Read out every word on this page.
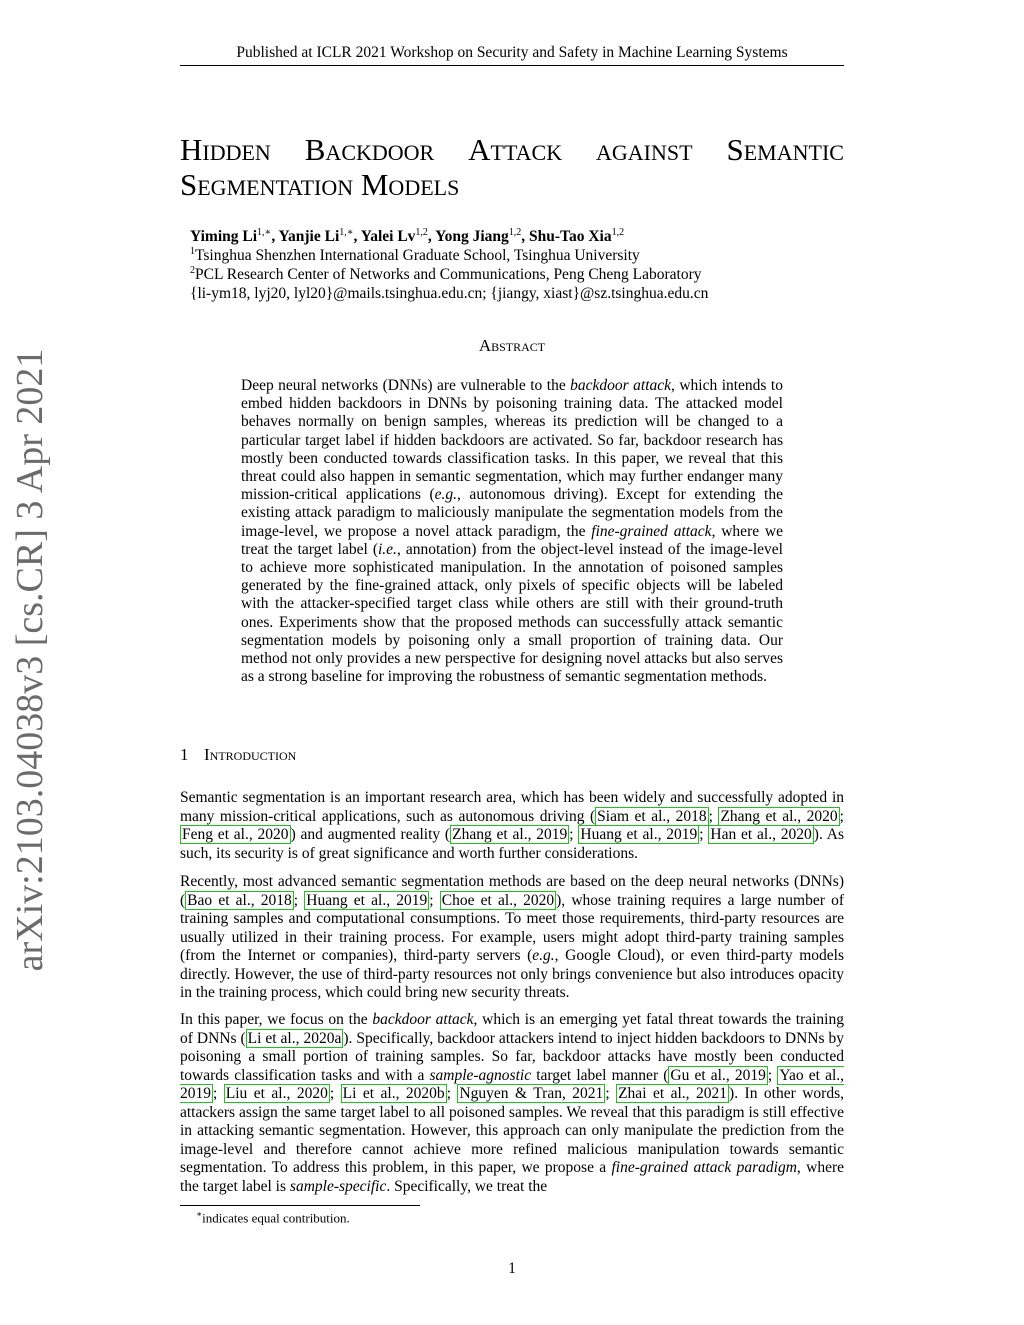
Published at ICLR 2021 Workshop on Security and Safety in Machine Learning Systems
arXiv:2103.04038v3 [cs.CR] 3 Apr 2021
Hidden Backdoor Attack against Semantic
Segmentation Models
Yiming $Li^{1,∗}$, Yanjie $Li^{1,∗}$, Yalei Lv$^{1,2}$, Yong Jiang$^{1,2}$, Shu-Tao Xia$^{1,2}$
$^1$Tsinghua Shenzhen International Graduate School, Tsinghua University
$^2$PCL Research Center of Networks and Communications, Peng Cheng Laboratory
{li-ym18, lyj20, lyl20}@mails.tsinghua.edu.cn; {jiangy, xiast}@sz.tsinghua.edu.cn
Abstract
Deep neural networks (DNNs) are vulnerable to the backdoor attack, which intends to embed hidden backdoors in DNNs by poisoning training data. The attacked model behaves normally on benign samples, whereas its prediction will be changed to a particular target label if hidden backdoors are activated. So far, backdoor research has mostly been conducted towards classification tasks. In this paper, we reveal that this threat could also happen in semantic segmentation, which may further endanger many mission-critical applications (e.g., autonomous driving). Except for extending the existing attack paradigm to maliciously manipulate the segmentation models from the image-level, we propose a novel attack paradigm, the fine-grained attack, where we treat the target label (i.e., annotation) from the object-level instead of the image-level to achieve more sophisticated manipulation. In the annotation of poisoned samples generated by the fine-grained attack, only pixels of specific objects will be labeled with the attacker-specified target class while others are still with their ground-truth ones. Experiments show that the proposed methods can successfully attack semantic segmentation models by poisoning only a small proportion of training data. Our method not only provides a new perspective for designing novel attacks but also serves as a strong baseline for improving the robustness of semantic segmentation methods.
1 Introduction
Semantic segmentation is an important research area, which has been widely and successfully adopted in many mission-critical applications, such as autonomous driving ( Siam et al., 2018 ; Zhang et al., 2020 ; Feng et al., 2020 ) and augmented reality ( Zhang et al., 2019 ; Huang et al., 2019 ; Han et al., 2020 ). As such, its security is of great significance and worth further considerations.
Recently, most advanced semantic segmentation methods are based on the deep neural networks (DNNs) ( Bao et al., 2018 ; Huang et al., 2019 ; Choe et al., 2020 ), whose training requires a large number of training samples and computational consumptions. To meet those requirements, third-party resources are usually utilized in their training process. For example, users might adopt third-party training samples (from the Internet or companies), third-party servers (e.g., Google Cloud), or even third-party models directly. However, the use of third-party resources not only brings convenience but also introduces opacity in the training process, which could bring new security threats.
In this paper, we focus on the backdoor attack, which is an emerging yet fatal threat towards the training of DNNs ( Li et al., 2020a ). Specifically, backdoor attackers intend to inject hidden backdoors to DNNs by poisoning a small portion of training samples. So far, backdoor attacks have mostly been conducted towards classification tasks and with a sample-agnostic target label manner ( Gu et al., 2019 ; Yao et al., 2019 ; Liu et al., 2020 ; Li et al., 2020b ; Nguyen & Tran, 2021 ; Zhai et al., 2021 ). In other words, attackers assign the same target label to all poisoned samples. We reveal that this paradigm is still effective in attacking semantic segmentation. However, this approach can only manipulate the prediction from the image-level and therefore cannot achieve more refined malicious manipulation towards semantic segmentation. To address this problem, in this paper, we propose a fine-grained attack paradigm, where the target label is sample-specific. Specifically, we treat the
∗indicates equal contribution.
1
